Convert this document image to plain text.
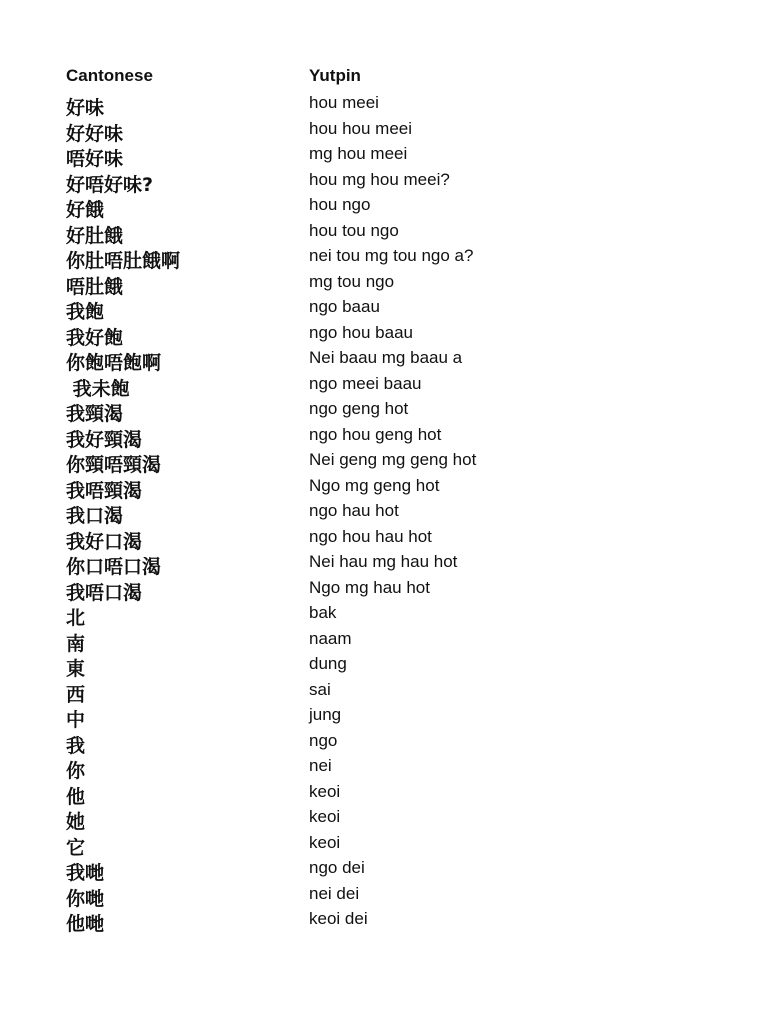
Cantonese	Yutpin
好味	hou meei
好好味	hou hou meei
唔好味	mg hou meei
好唔好味?	hou mg hou meei?
好餓	hou ngo
好肚餓	hou tou ngo
你肚唔肚餓啊	nei tou mg tou ngo a?
唔肚餓	mg tou ngo
我飽	ngo baau
我好飽	ngo hou baau
你飽唔飽啊	Nei baau mg baau a
我未飽	ngo meei baau
我頸渴	ngo geng hot
我好頸渴	ngo hou geng hot
你頸唔頸渴	Nei geng mg geng hot
我唔頸渴	Ngo mg geng hot
我口渴	ngo hau hot
我好口渴	ngo hou hau hot
你口唔口渴	Nei hau mg hau hot
我唔口渴	Ngo mg hau hot
北	bak
南	naam
東	dung
西	sai
中	jung
我	ngo
你	nei
他	keoi
她	keoi
它	keoi
我哋	ngo dei
你哋	nei dei
他哋	keoi dei
